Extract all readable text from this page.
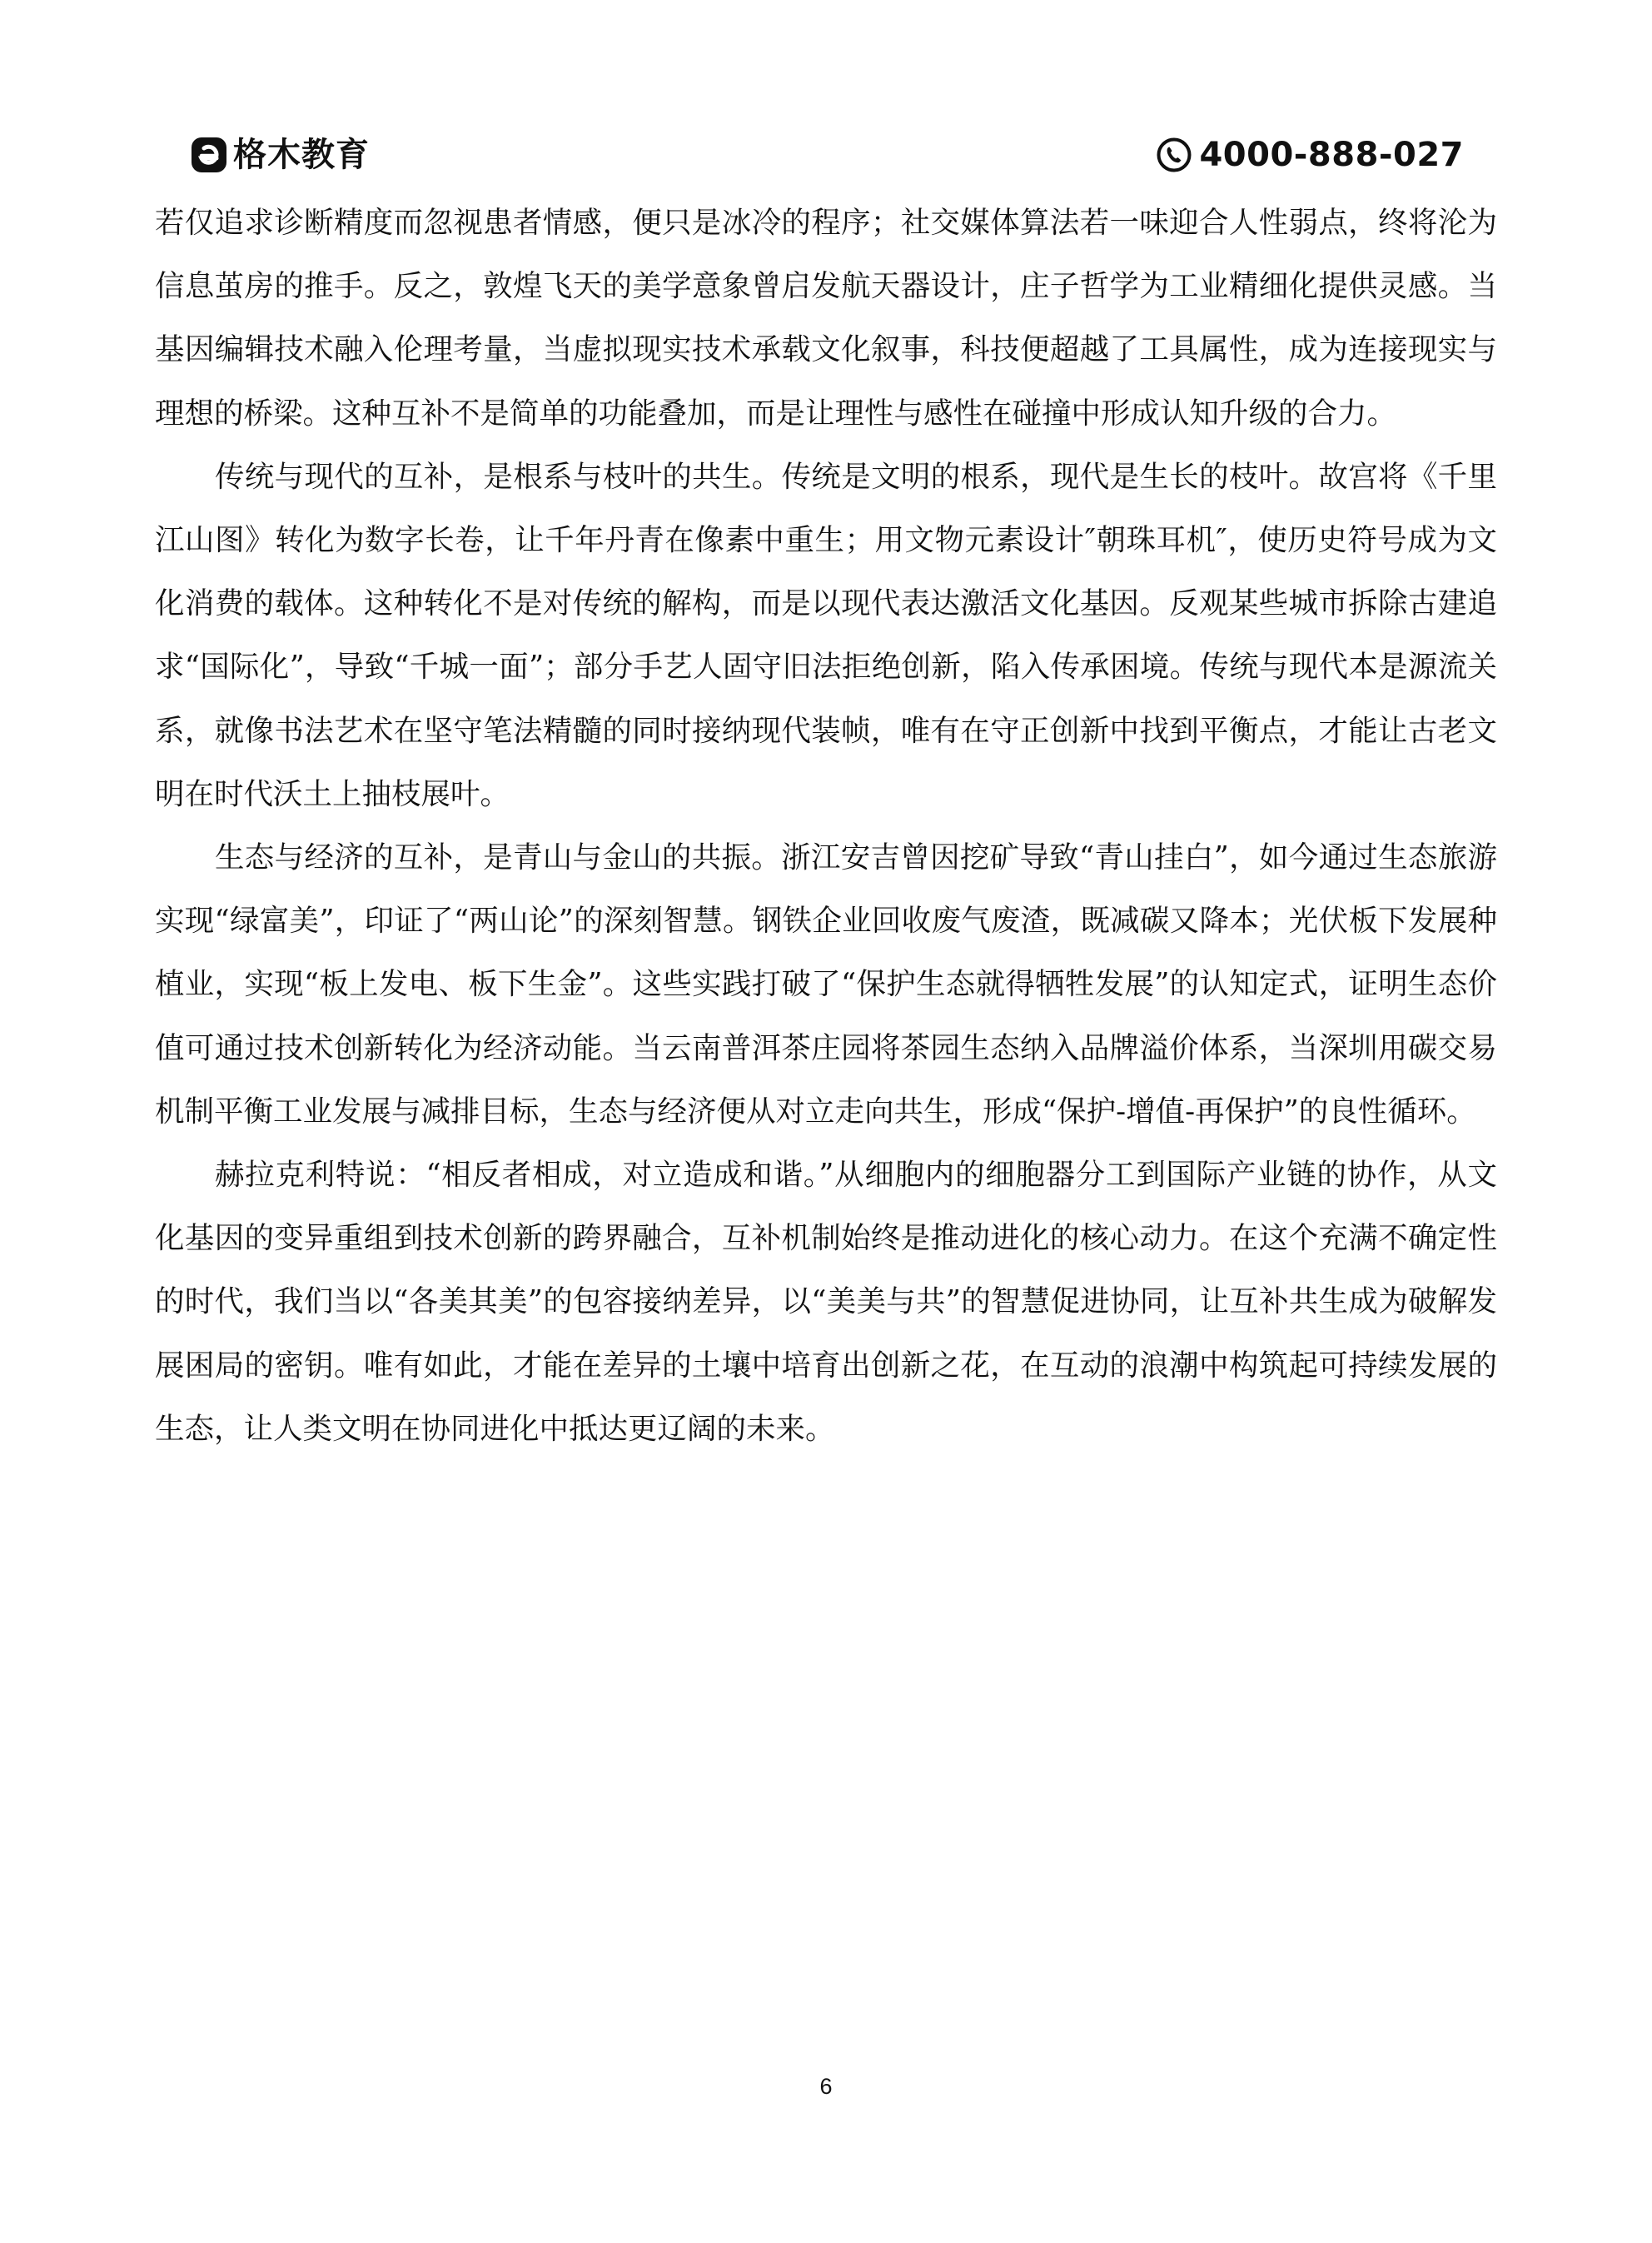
格木教育	4000-888-027

若仅追求诊断精度而忽视患者情感，便只是冰冷的程序；社交媒体算法若一味迎合人性弱点，终将沦为信息茧房的推手。反之，敦煌飞天的美学意象曾启发航天器设计，庄子哲学为工业精细化提供灵感。当基因编辑技术融入伦理考量，当虚拟现实技术承载文化叙事，科技便超越了工具属性，成为连接现实与理想的桥梁。这种互补不是简单的功能叠加，而是让理性与感性在碰撞中形成认知升级的合力。

传统与现代的互补，是根系与枝叶的共生。传统是文明的根系，现代是生长的枝叶。故宫将《千里江山图》转化为数字长卷，让千年丹青在像素中重生；用文物元素设计″朝珠耳机″，使历史符号成为文化消费的载体。这种转化不是对传统的解构，而是以现代表达激活文化基因。反观某些城市拆除古建追求“国际化”，导致“千城一面”；部分手艺人固守旧法拒绝创新，陷入传承困境。传统与现代本是源流关系，就像书法艺术在坚守笔法精髓的同时接纳现代装帧，唯有在守正创新中找到平衡点，才能让古老文明在时代沃土上抽枝展叶。

生态与经济的互补，是青山与金山的共振。浙江安吉曾因挖矿导致“青山挂白”，如今通过生态旅游实现“绿富美”，印证了“两山论”的深刻智慧。钢铁企业回收废气废渣，既减碳又降本；光伏板下发展种植业，实现“板上发电、板下生金”。这些实践打破了“保护生态就得牺牲发展”的认知定式，证明生态价值可通过技术创新转化为经济动能。当云南普洱茶庄园将茶园生态纳入品牌溢价体系，当深圳用碳交易机制平衡工业发展与减排目标，生态与经济便从对立走向共生，形成“保护-增值-再保护”的良性循环。

赫拉克利特说：“相反者相成，对立造成和谐。”从细胞内的细胞器分工到国际产业链的协作，从文化基因的变异重组到技术创新的跨界融合，互补机制始终是推动进化的核心动力。在这个充满不确定性的时代，我们当以“各美其美”的包容接纳差异，以“美美与共”的智慧促进协同，让互补共生成为破解发展困局的密钥。唯有如此，才能在差异的土壤中培育出创新之花，在互动的浪潮中构筑起可持续发展的生态，让人类文明在协同进化中抵达更辽阔的未来。

6
